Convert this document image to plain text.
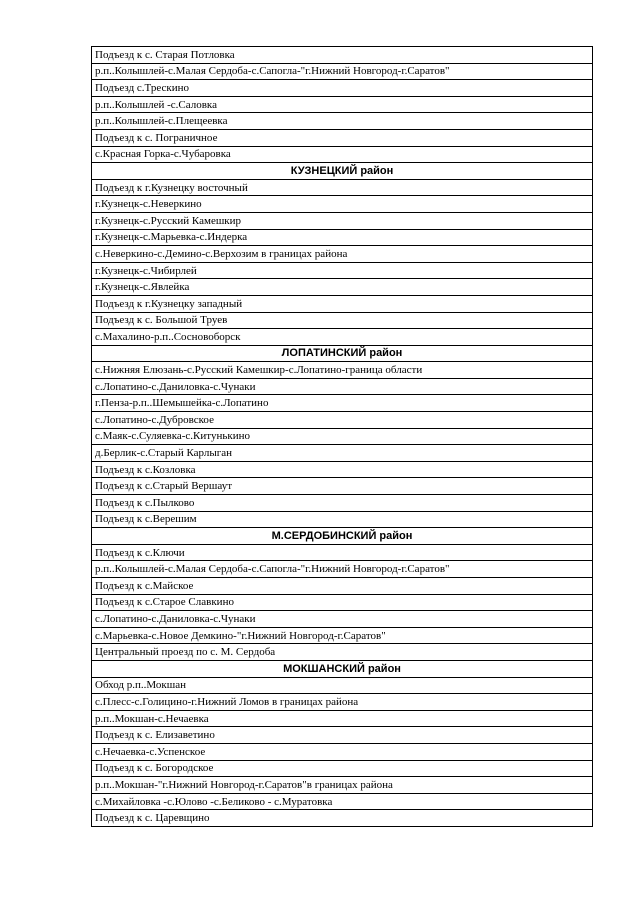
Подъезд к с. Старая Потловка
р.п..Колышлей-с.Малая Сердоба-с.Сапогла-"г.Нижний Новгород-г.Саратов"
Подъезд с.Трескино
р.п..Колышлей -с.Саловка
р.п..Колышлей-с.Плещеевка
Подъезд к с. Пограничное
с.Красная Горка-с.Чубаровка
КУЗНЕЦКИЙ район
Подъезд к г.Кузнецку восточный
г.Кузнецк-с.Неверкино
г.Кузнецк-с.Русский Камешкир
г.Кузнецк-с.Марьевка-с.Индерка
с.Неверкино-с.Демино-с.Верхозим в границах района
г.Кузнецк-с.Чибирлей
г.Кузнецк-с.Явлейка
Подъезд к г.Кузнецку западный
Подъезд к с. Большой Труев
с.Махалино-р.п..Сосновоборск
ЛОПАТИНСКИЙ район
с.Нижняя Елюзань-с.Русский Камешкир-с.Лопатино-граница области
с.Лопатино-с.Даниловка-с.Чунаки
г.Пенза-р.п..Шемышейка-с.Лопатино
с.Лопатино-с.Дубровское
с.Маяк-с.Суляевка-с.Китунькино
д.Берлик-с.Старый Карлыган
Подъезд к с.Козловка
Подъезд к с.Старый Вершаут
Подъезд к с.Пылково
Подъезд к с.Верешим
М.СЕРДОБИНСКИЙ район
Подъезд к с.Ключи
р.п..Колышлей-с.Малая Сердоба-с.Сапогла-"г.Нижний Новгород-г.Саратов"
Подъезд к с.Майское
Подъезд к с.Старое Славкино
с.Лопатино-с.Даниловка-с.Чунаки
с.Марьевка-с.Новое Демкино-"г.Нижний Новгород-г.Саратов"
Центральный проезд по с. М. Сердоба
МОКШАНСКИЙ район
Обход р.п..Мокшан
с.Плесс-с.Голицино-г.Нижний Ломов в границах района
р.п..Мокшан-с.Нечаевка
Подъезд к с. Елизаветино
с.Нечаевка-с.Успенское
Подъезд к с. Богородское
р.п..Мокшан-"г.Нижний Новгород-г.Саратов"в границах района
с.Михайловка -с.Юлово -с.Беликово - с.Муратовка
Подъезд к с. Царевщино
